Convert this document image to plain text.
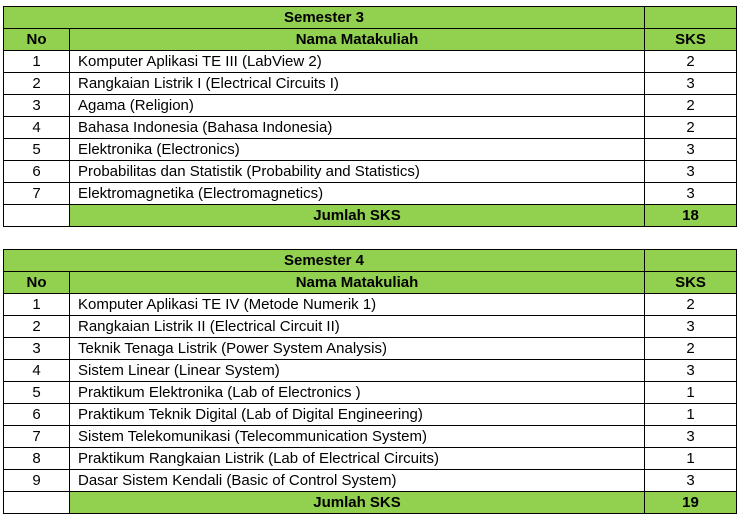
Semester 3		
No	Nama Matakuliah	SKS
1	Komputer Aplikasi TE III (LabView 2)	2
2	Rangkaian Listrik I (Electrical Circuits I)	3
3	Agama (Religion)	2
4	Bahasa Indonesia (Bahasa Indonesia)	2
5	Elektronika (Electronics)	3
6	Probabilitas dan Statistik (Probability and Statistics)	3
7	Elektromagnetika (Electromagnetics)	3
	Jumlah SKS	18
Semester 4		
No	Nama Matakuliah	SKS
1	Komputer Aplikasi TE IV (Metode Numerik 1)	2
2	Rangkaian Listrik II (Electrical Circuit II)	3
3	Teknik Tenaga Listrik (Power System Analysis)	2
4	Sistem Linear (Linear System)	3
5	Praktikum Elektronika (Lab of Electronics )	1
6	Praktikum Teknik Digital (Lab of Digital Engineering)	1
7	Sistem Telekomunikasi (Telecommunication System)	3
8	Praktikum Rangkaian Listrik (Lab of Electrical Circuits)	1
9	Dasar Sistem Kendali (Basic of Control System)	3
	Jumlah SKS	19
